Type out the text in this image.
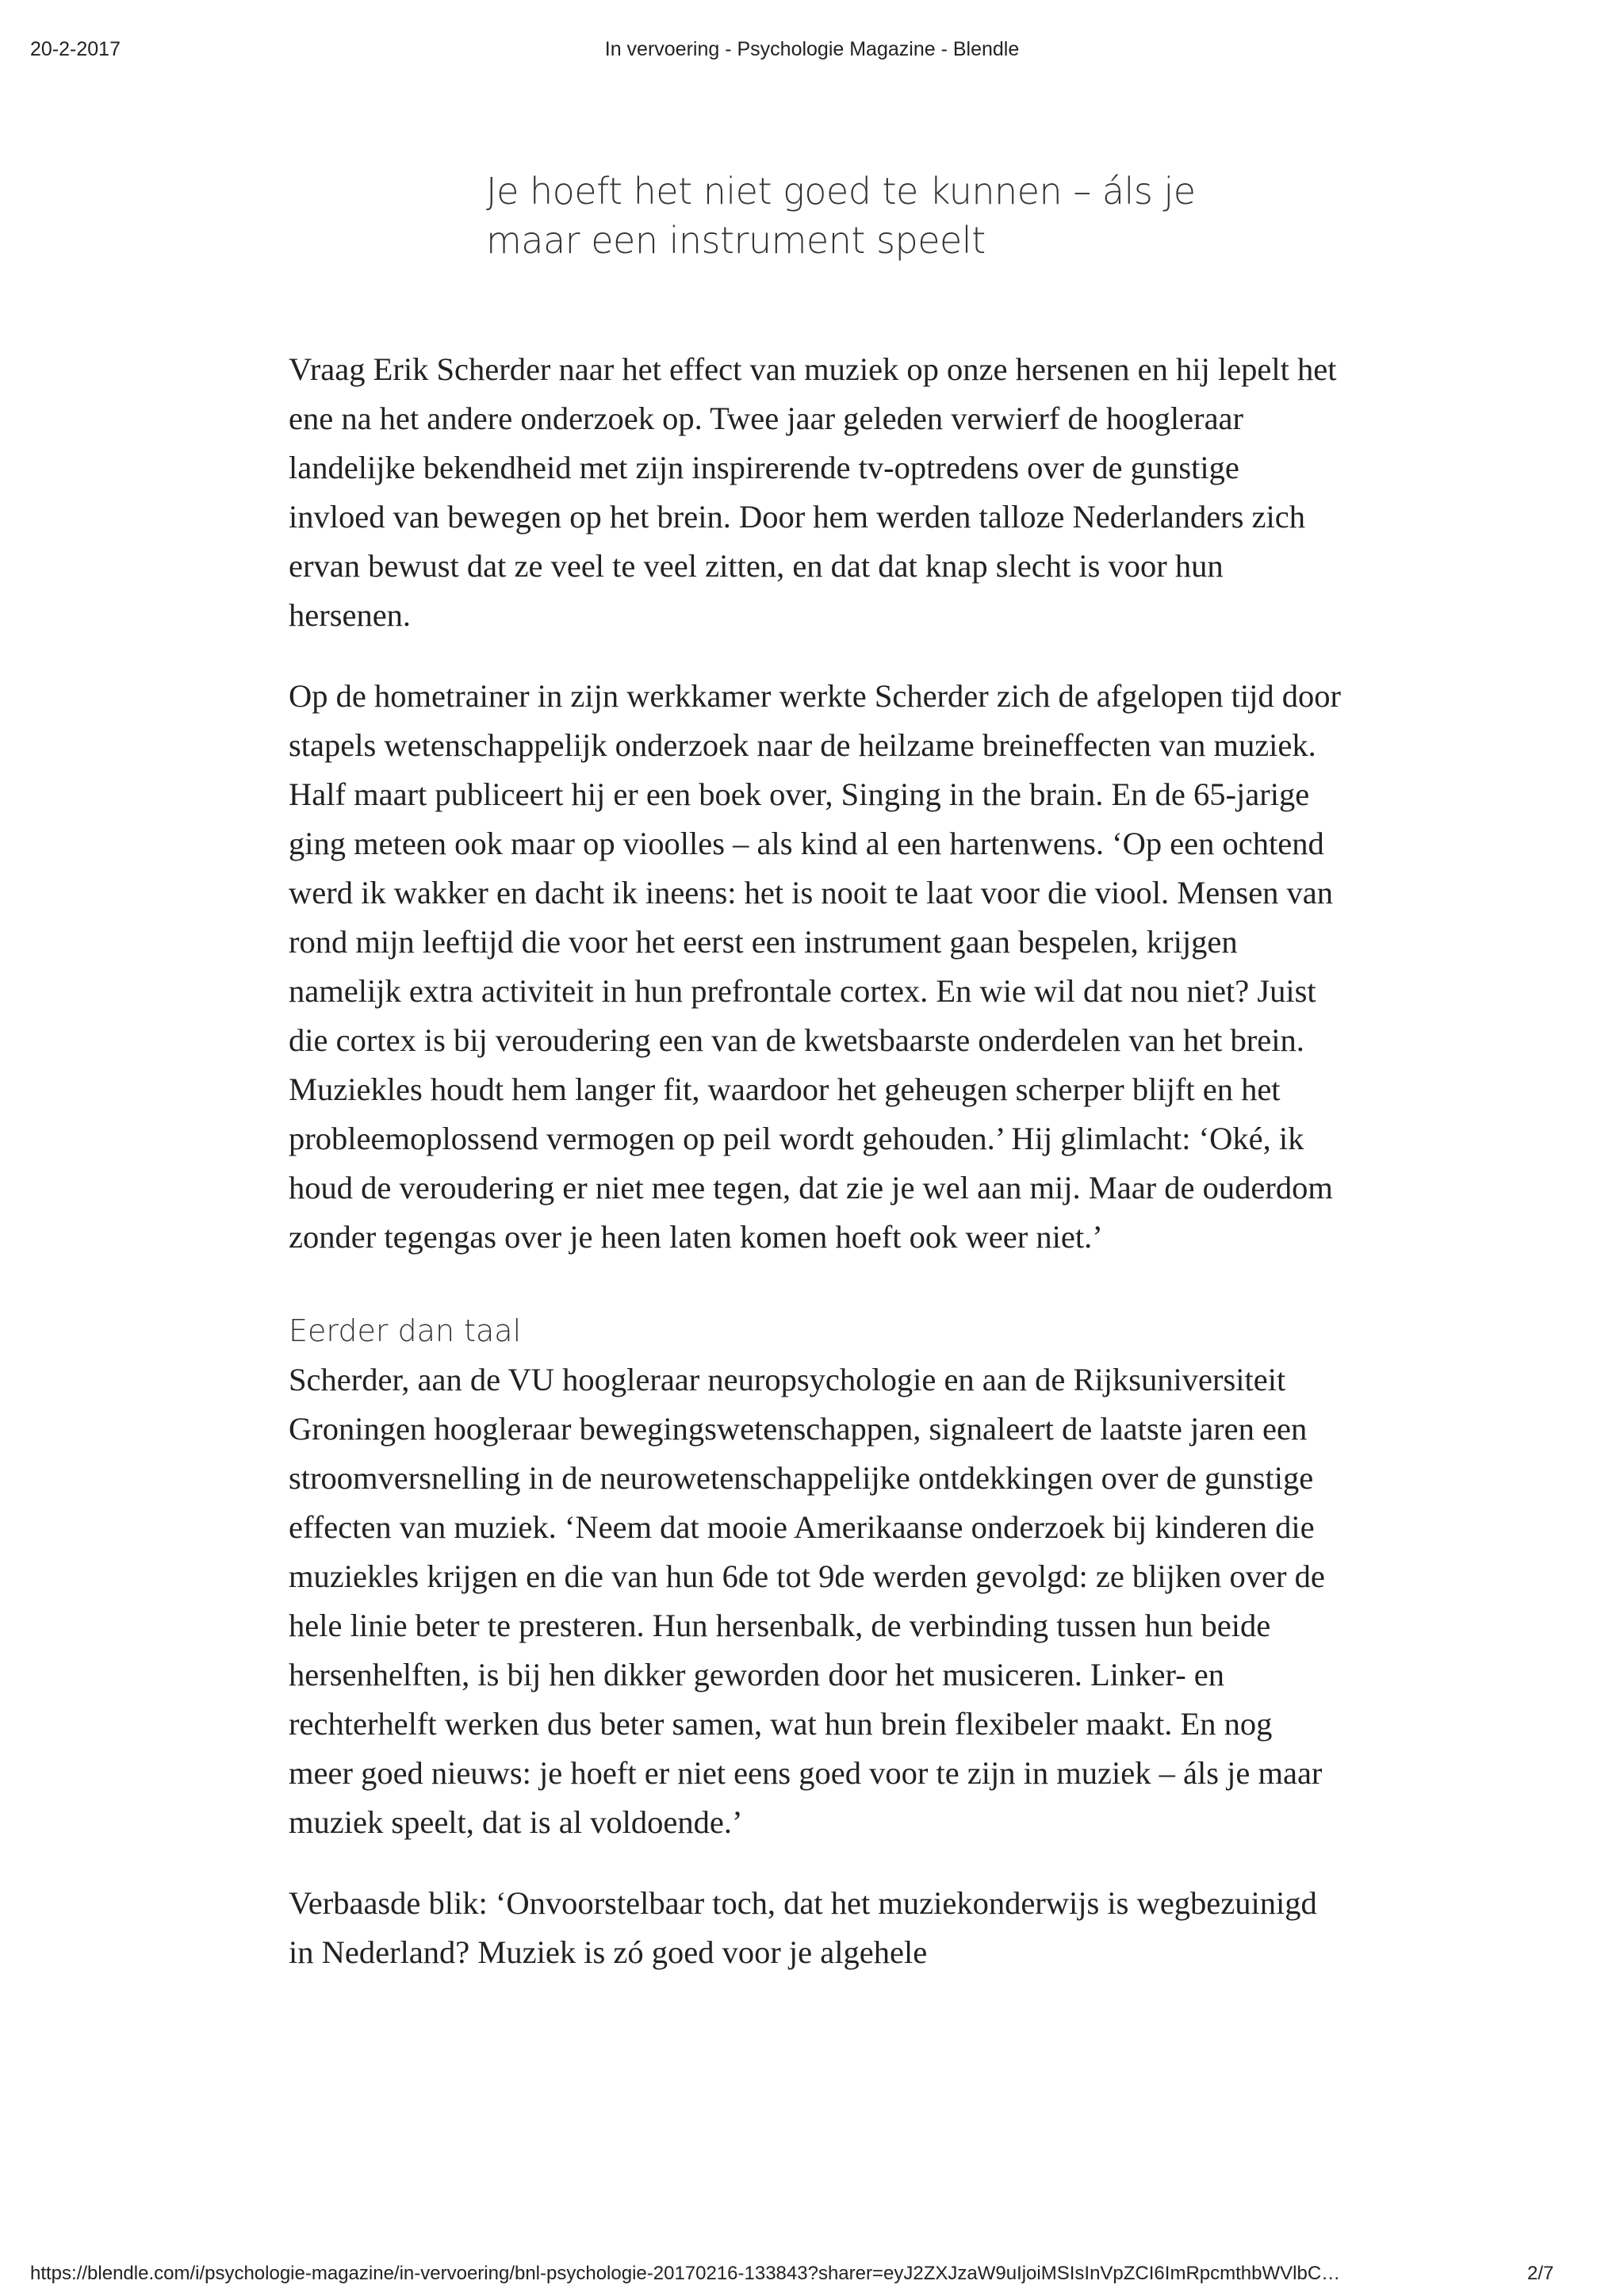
20-2-2017	In vervoering - Psychologie Magazine - Blendle
Je hoeft het niet goed te kunnen – áls je
maar een instrument speelt

Vraag Erik Scherder naar het effect van muziek op onze hersenen en hij lepelt het ene na het andere onderzoek op. Twee jaar geleden verwierf de hoogleraar landelijke bekendheid met zijn inspirerende tv-optredens over de gunstige invloed van bewegen op het brein. Door hem werden talloze Nederlanders zich ervan bewust dat ze veel te veel zitten, en dat dat knap slecht is voor hun hersenen.

Op de hometrainer in zijn werkkamer werkte Scherder zich de afgelopen tijd door stapels wetenschappelijk onderzoek naar de heilzame breineffecten van muziek. Half maart publiceert hij er een boek over, Singing in the brain. En de 65-jarige ging meteen ook maar op vioolles – als kind al een hartenwens. ‘Op een ochtend werd ik wakker en dacht ik ineens: het is nooit te laat voor die viool. Mensen van rond mijn leeftijd die voor het eerst een instrument gaan bespelen, krijgen namelijk extra activiteit in hun prefrontale cortex. En wie wil dat nou niet? Juist die cortex is bij veroudering een van de kwetsbaarste onderdelen van het brein. Muziekles houdt hem langer fit, waardoor het geheugen scherper blijft en het probleemoplossend vermogen op peil wordt gehouden.’ Hij glimlacht: ‘Oké, ik houd de veroudering er niet mee tegen, dat zie je wel aan mij. Maar de ouderdom zonder tegengas over je heen laten komen hoeft ook weer niet.’

Eerder dan taal

Scherder, aan de VU hoogleraar neuropsychologie en aan de Rijksuniversiteit Groningen hoogleraar bewegingswetenschappen, signaleert de laatste jaren een stroomversnelling in de neurowetenschappelijke ontdekkingen over de gunstige effecten van muziek. ‘Neem dat mooie Amerikaanse onderzoek bij kinderen die muziekles krijgen en die van hun 6de tot 9de werden gevolgd: ze blijken over de hele linie beter te presteren. Hun hersenbalk, de verbinding tussen hun beide hersenhelften, is bij hen dikker geworden door het musiceren. Linker- en rechterhelft werken dus beter samen, wat hun brein flexibeler maakt. En nog meer goed nieuws: je hoeft er niet eens goed voor te zijn in muziek – áls je maar muziek speelt, dat is al voldoende.’

Verbaasde blik: ‘Onvoorstelbaar toch, dat het muziekonderwijs is wegbezuinigd in Nederland? Muziek is zó goed voor je algehele

https://blendle.com/i/psychologie-magazine/in-vervoering/bnl-psychologie-20170216-133843?sharer=eyJ2ZXJzaW9uIjoiMSIsInVpZCI6ImRpcmthbWVlbC…	2/7
